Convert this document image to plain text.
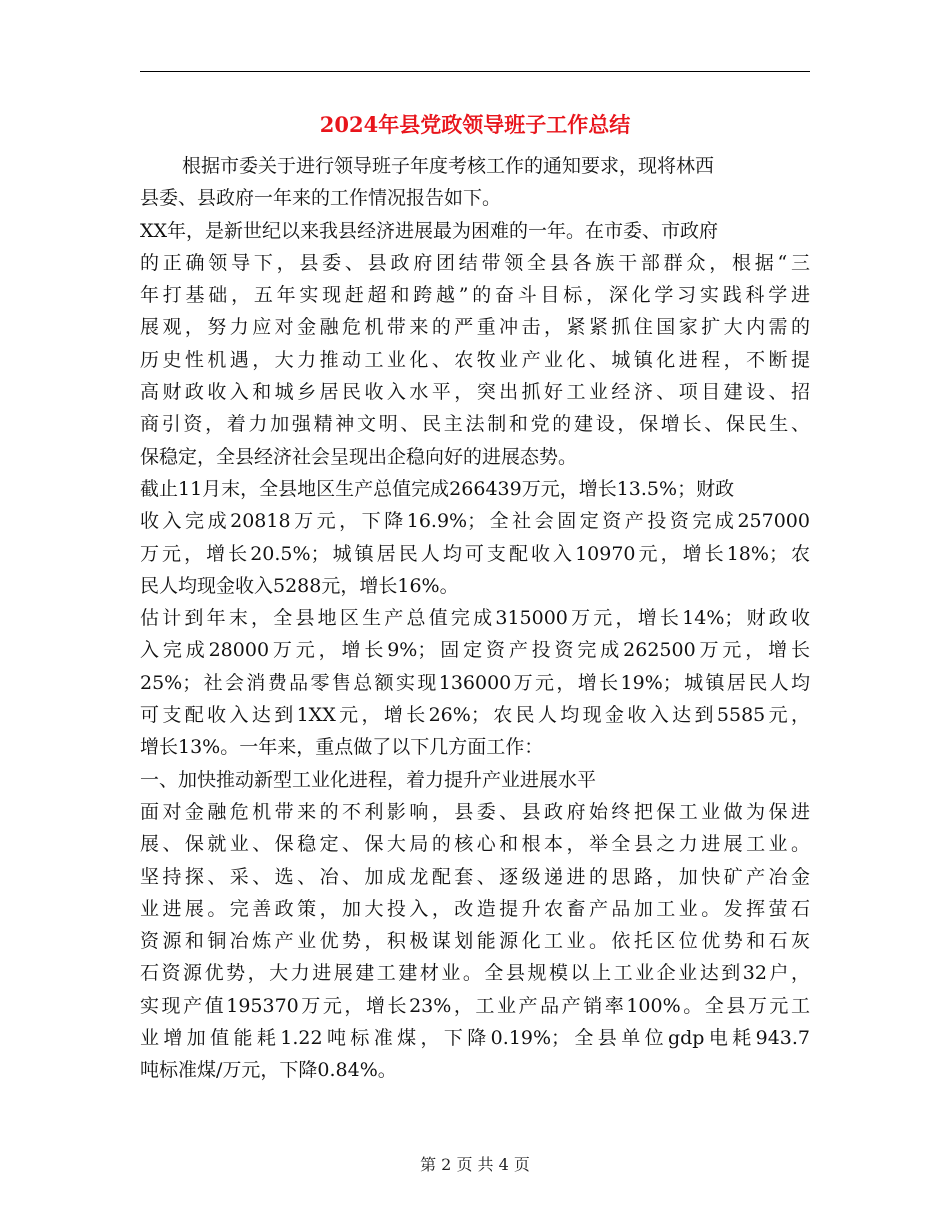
2024年县党政领导班子工作总结
根据市委关于进行领导班子年度考核工作的通知要求，现将林西
县委、县政府一年来的工作情况报告如下。
XX年，是新世纪以来我县经济进展最为困难的一年。在市委、市政府
的正确领导下，县委、县政府团结带领全县各族干部群众，根据“三
年打基础，五年实现赶超和跨越”的奋斗目标，深化学习实践科学进
展观，努力应对金融危机带来的严重冲击，紧紧抓住国家扩大内需的
历史性机遇，大力推动工业化、农牧业产业化、城镇化进程，不断提
高财政收入和城乡居民收入水平，突出抓好工业经济、项目建设、招
商引资，着力加强精神文明、民主法制和党的建设，保增长、保民生、
保稳定，全县经济社会呈现出企稳向好的进展态势。
截止11月末，全县地区生产总值完成266439万元，增长13.5%；财政
收入完成20818万元，下降16.9%；全社会固定资产投资完成257000
万元，增长20.5%；城镇居民人均可支配收入10970元，增长18%；农
民人均现金收入5288元，增长16%。
估计到年末，全县地区生产总值完成315000万元，增长14%；财政收
入完成28000万元，增长9%；固定资产投资完成262500万元，增长
25%；社会消费品零售总额实现136000万元，增长19%；城镇居民人均
可支配收入达到1XX元，增长26%；农民人均现金收入达到5585元，
增长13%。一年来，重点做了以下几方面工作：
一、加快推动新型工业化进程，着力提升产业进展水平
面对金融危机带来的不利影响，县委、县政府始终把保工业做为保进
展、保就业、保稳定、保大局的核心和根本，举全县之力进展工业。
坚持探、采、选、冶、加成龙配套、逐级递进的思路，加快矿产冶金
业进展。完善政策，加大投入，改造提升农畜产品加工业。发挥萤石
资源和铜冶炼产业优势，积极谋划能源化工业。依托区位优势和石灰
石资源优势，大力进展建工建材业。全县规模以上工业企业达到32户，
实现产值195370万元，增长23%，工业产品产销率100%。全县万元工
业增加值能耗1.22吨标准煤，下降0.19%；全县单位gdp电耗943.7
吨标准煤/万元，下降0.84%。
第 2 页 共 4 页
